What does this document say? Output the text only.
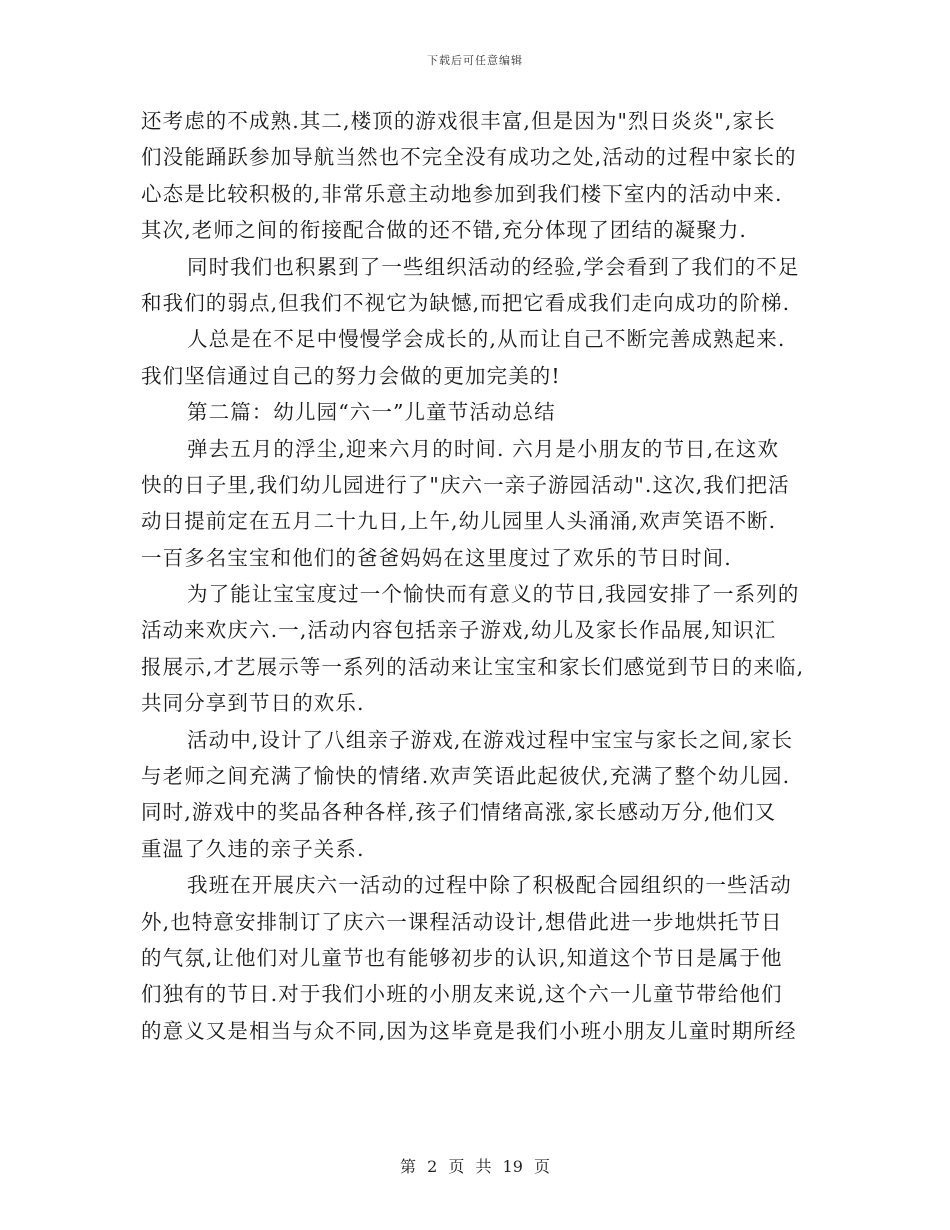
下载后可任意编辑
还考虑的不成熟.其二,楼顶的游戏很丰富,但是因为"烈日炎炎",家长
们没能踊跃参加导航当然也不完全没有成功之处,活动的过程中家长的
心态是比较积极的,非常乐意主动地参加到我们楼下室内的活动中来.
其次,老师之间的衔接配合做的还不错,充分体现了团结的凝聚力.
同时我们也积累到了一些组织活动的经验,学会看到了我们的不足
和我们的弱点,但我们不视它为缺憾,而把它看成我们走向成功的阶梯.
人总是在不足中慢慢学会成长的,从而让自己不断完善成熟起来.
我们坚信通过自己的努力会做的更加完美的!
第二篇：幼儿园“六一”儿童节活动总结
弹去五月的浮尘,迎来六月的时间. 六月是小朋友的节日,在这欢
快的日子里,我们幼儿园进行了"庆六一亲子游园活动".这次,我们把活
动日提前定在五月二十九日,上午,幼儿园里人头涌涌,欢声笑语不断.
一百多名宝宝和他们的爸爸妈妈在这里度过了欢乐的节日时间.
为了能让宝宝度过一个愉快而有意义的节日,我园安排了一系列的
活动来欢庆六.一,活动内容包括亲子游戏,幼儿及家长作品展,知识汇
报展示,才艺展示等一系列的活动来让宝宝和家长们感觉到节日的来临,
共同分享到节日的欢乐.
活动中,设计了八组亲子游戏,在游戏过程中宝宝与家长之间,家长
与老师之间充满了愉快的情绪.欢声笑语此起彼伏,充满了整个幼儿园.
同时,游戏中的奖品各种各样,孩子们情绪高涨,家长感动万分,他们又
重温了久违的亲子关系.
我班在开展庆六一活动的过程中除了积极配合园组织的一些活动
外,也特意安排制订了庆六一课程活动设计,想借此进一步地烘托节日
的气氛,让他们对儿童节也有能够初步的认识,知道这个节日是属于他
们独有的节日.对于我们小班的小朋友来说,这个六一儿童节带给他们
的意义又是相当与众不同,因为这毕竟是我们小班小朋友儿童时期所经
第 2 页 共 19 页
